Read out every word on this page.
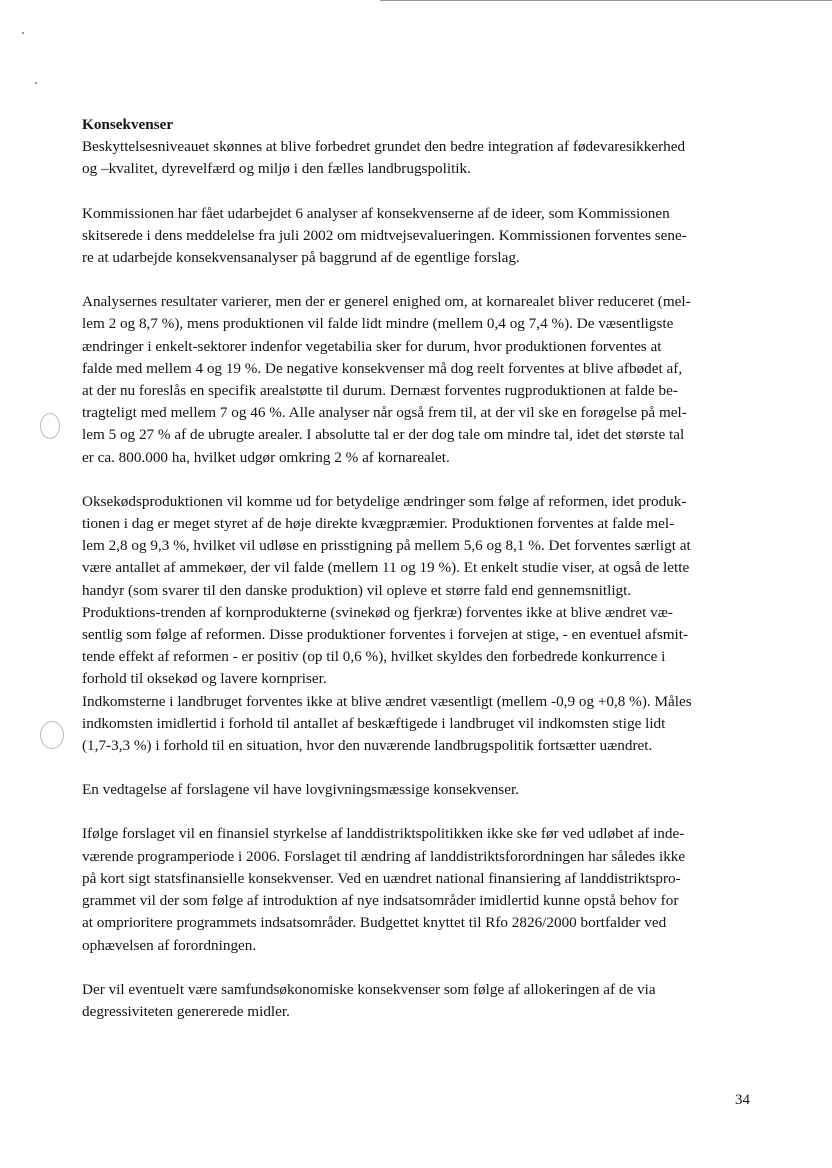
Konsekvenser

Beskyttelsesniveauet skønnes at blive forbedret grundet den bedre integration af fødevaresikkerhed
og –kvalitet, dyrevelfærd og miljø i den fælles landbrugspolitik.

Kommissionen har fået udarbejdet 6 analyser af konsekvenserne af de ideer, som Kommissionen
skitserede i dens meddelelse fra juli 2002 om midtvejsevalueringen. Kommissionen forventes sene-
re at udarbejde konsekvensanalyser på baggrund af de egentlige forslag.

Analysernes resultater varierer, men der er generel enighed om, at kornarealet bliver reduceret (mel-
lem 2 og 8,7 %), mens produktionen vil falde lidt mindre (mellem 0,4 og 7,4 %). De væsentligste
ændringer i enkelt-sektorer indenfor vegetabilia sker for durum, hvor produktionen forventes at
falde med mellem 4 og 19 %. De negative konsekvenser må dog reelt forventes at blive afbødet af,
at der nu foreslås en specifik arealstøtte til durum. Dernæst forventes rugproduktionen at falde be-
tragteligt med mellem 7 og 46 %. Alle analyser når også frem til, at der vil ske en forøgelse på mel-
lem 5 og 27 % af de ubrugte arealer. I absolutte tal er der dog tale om mindre tal, idet det største tal
er ca. 800.000 ha, hvilket udgør omkring 2 % af kornarealet.

Oksekødsproduktionen vil komme ud for betydelige ændringer som følge af reformen, idet produk-
tionen i dag er meget styret af de høje direkte kvægpræmier. Produktionen forventes at falde mel-
lem 2,8 og 9,3 %, hvilket vil udløse en prisstigning på mellem 5,6 og 8,1 %. Det forventes særligt at
være antallet af ammekøer, der vil falde (mellem 11 og 19 %). Et enkelt studie viser, at også de lette
handyr (som svarer til den danske produktion) vil opleve et større fald end gennemsnitligt.
Produktions-trenden af kornprodukterne (svinekød og fjerkræ) forventes ikke at blive ændret væ-
sentlig som følge af reformen. Disse produktioner forventes i forvejen at stige, - en eventuel afsmit-
tende effekt af reformen - er positiv (op til 0,6 %), hvilket skyldes den forbedrede konkurrence i
forhold til oksekød og lavere kornpriser.
Indkomsterne i landbruget forventes ikke at blive ændret væsentligt (mellem -0,9 og +0,8 %). Måles
indkomsten imidlertid i forhold til antallet af beskæftigede i landbruget vil indkomsten stige lidt
(1,7-3,3 %) i forhold til en situation, hvor den nuværende landbrugspolitik fortsætter uændret.

En vedtagelse af forslagene vil have lovgivningsmæssige konsekvenser.

Ifølge forslaget vil en finansiel styrkelse af landdistriktspolitikken ikke ske før ved udløbet af inde-
værende programperiode i 2006. Forslaget til ændring af landdistriktsforordningen har således ikke
på kort sigt statsfinansielle konsekvenser. Ved en uændret national finansiering af landdistriktspro-
grammet vil der som følge af introduktion af nye indsatsområder imidlertid kunne opstå behov for
at omprioritere programmets indsatsområder. Budgettet knyttet til Rfo 2826/2000 bortfalder ved
ophævelsen af forordningen.

Der vil eventuelt være samfundsøkonomiske konsekvenser som følge af allokeringen af de via
degressiviteten genererede midler.

34
